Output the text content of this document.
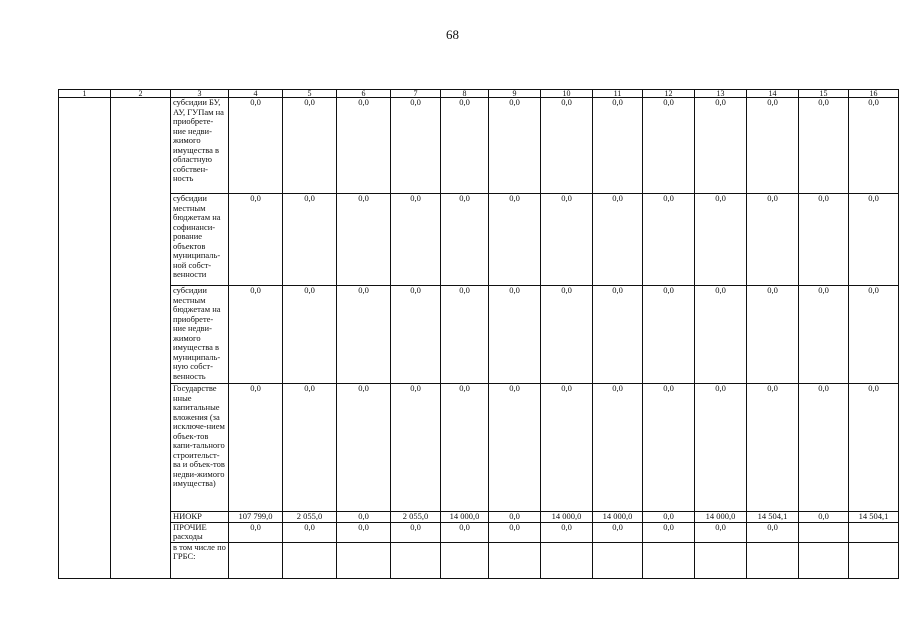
68
1	2	3	4	5	6	7	8	9	10	11	12	13	14	15	16
		субсидии БУ, АУ, ГУПам на приобрете-ние недви-жимого имущества в областную собствен-ность	0,0	0,0	0,0	0,0	0,0	0,0	0,0	0,0	0,0	0,0	0,0	0,0	0,0
		субсидии местным бюджетам на софинанси-рование объектов муниципаль-ной собст-венности	0,0	0,0	0,0	0,0	0,0	0,0	0,0	0,0	0,0	0,0	0,0	0,0	0,0
		субсидии местным бюджетам на приобрете-ние недви-жимого имущества в муниципаль-ную собст-венность	0,0	0,0	0,0	0,0	0,0	0,0	0,0	0,0	0,0	0,0	0,0	0,0	0,0
		Государстве нные капитальные вложения (за исключе-нием объек-тов капи-тального строительст-ва и объек-тов недви-жимого имущества)	0,0	0,0	0,0	0,0	0,0	0,0	0,0	0,0	0,0	0,0	0,0	0,0	0,0
		НИОКР	107 799,0	2 055,0	0,0	2 055,0	14 000,0	0,0	14 000,0	14 000,0	0,0	14 000,0	14 504,1	0,0	14 504,1
		ПРОЧИЕ расходы	0,0	0,0	0,0	0,0	0,0	0,0	0,0	0,0	0,0	0,0	0,0		
		в том числе по ГРБС:													
